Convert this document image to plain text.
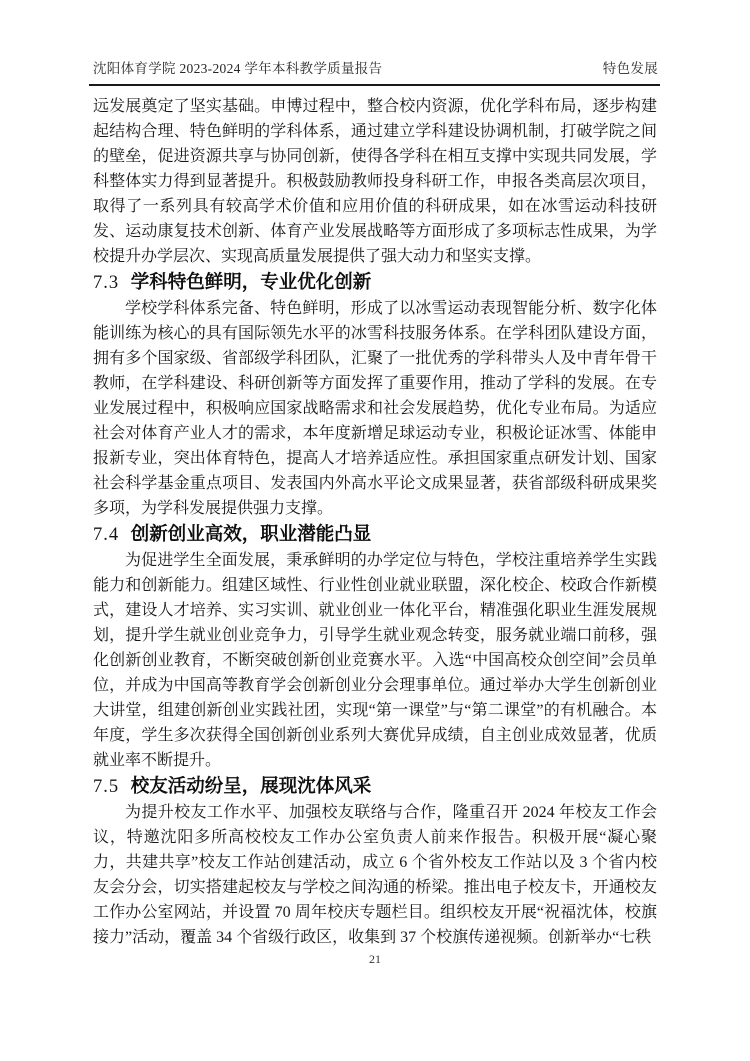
沈阳体育学院 2023-2024 学年本科教学质量报告	特色发展

远发展奠定了坚实基础。申博过程中，整合校内资源，优化学科布局，逐步构建起结构合理、特色鲜明的学科体系，通过建立学科建设协调机制，打破学院之间的壁垒，促进资源共享与协同创新，使得各学科在相互支撑中实现共同发展，学科整体实力得到显著提升。积极鼓励教师投身科研工作，申报各类高层次项目，取得了一系列具有较高学术价值和应用价值的科研成果，如在冰雪运动科技研发、运动康复技术创新、体育产业发展战略等方面形成了多项标志性成果，为学校提升办学层次、实现高质量发展提供了强大动力和坚实支撑。

7.3 学科特色鲜明，专业优化创新

学校学科体系完备、特色鲜明，形成了以冰雪运动表现智能分析、数字化体能训练为核心的具有国际领先水平的冰雪科技服务体系。在学科团队建设方面，拥有多个国家级、省部级学科团队，汇聚了一批优秀的学科带头人及中青年骨干教师，在学科建设、科研创新等方面发挥了重要作用，推动了学科的发展。在专业发展过程中，积极响应国家战略需求和社会发展趋势，优化专业布局。为适应社会对体育产业人才的需求，本年度新增足球运动专业，积极论证冰雪、体能申报新专业，突出体育特色，提高人才培养适应性。承担国家重点研发计划、国家社会科学基金重点项目、发表国内外高水平论文成果显著，获省部级科研成果奖多项，为学科发展提供强力支撑。

7.4 创新创业高效，职业潜能凸显

为促进学生全面发展，秉承鲜明的办学定位与特色，学校注重培养学生实践能力和创新能力。组建区域性、行业性创业就业联盟，深化校企、校政合作新模式，建设人才培养、实习实训、就业创业一体化平台，精准强化职业生涯发展规划，提升学生就业创业竞争力，引导学生就业观念转变，服务就业端口前移，强化创新创业教育，不断突破创新创业竞赛水平。入选“中国高校众创空间”会员单位，并成为中国高等教育学会创新创业分会理事单位。通过举办大学生创新创业大讲堂，组建创新创业实践社团，实现“第一课堂”与“第二课堂”的有机融合。本年度，学生多次获得全国创新创业系列大赛优异成绩，自主创业成效显著，优质就业率不断提升。

7.5 校友活动纷呈，展现沈体风采

为提升校友工作水平、加强校友联络与合作，隆重召开 2024 年校友工作会议，特邀沈阳多所高校校友工作办公室负责人前来作报告。积极开展“凝心聚力，共建共享”校友工作站创建活动，成立 6 个省外校友工作站以及 3 个省内校友会分会，切实搭建起校友与学校之间沟通的桥梁。推出电子校友卡，开通校友工作办公室网站，并设置 70 周年校庆专题栏目。组织校友开展“祝福沈体，校旗接力”活动，覆盖 34 个省级行政区，收集到 37 个校旗传递视频。创新举办“七秩

21
